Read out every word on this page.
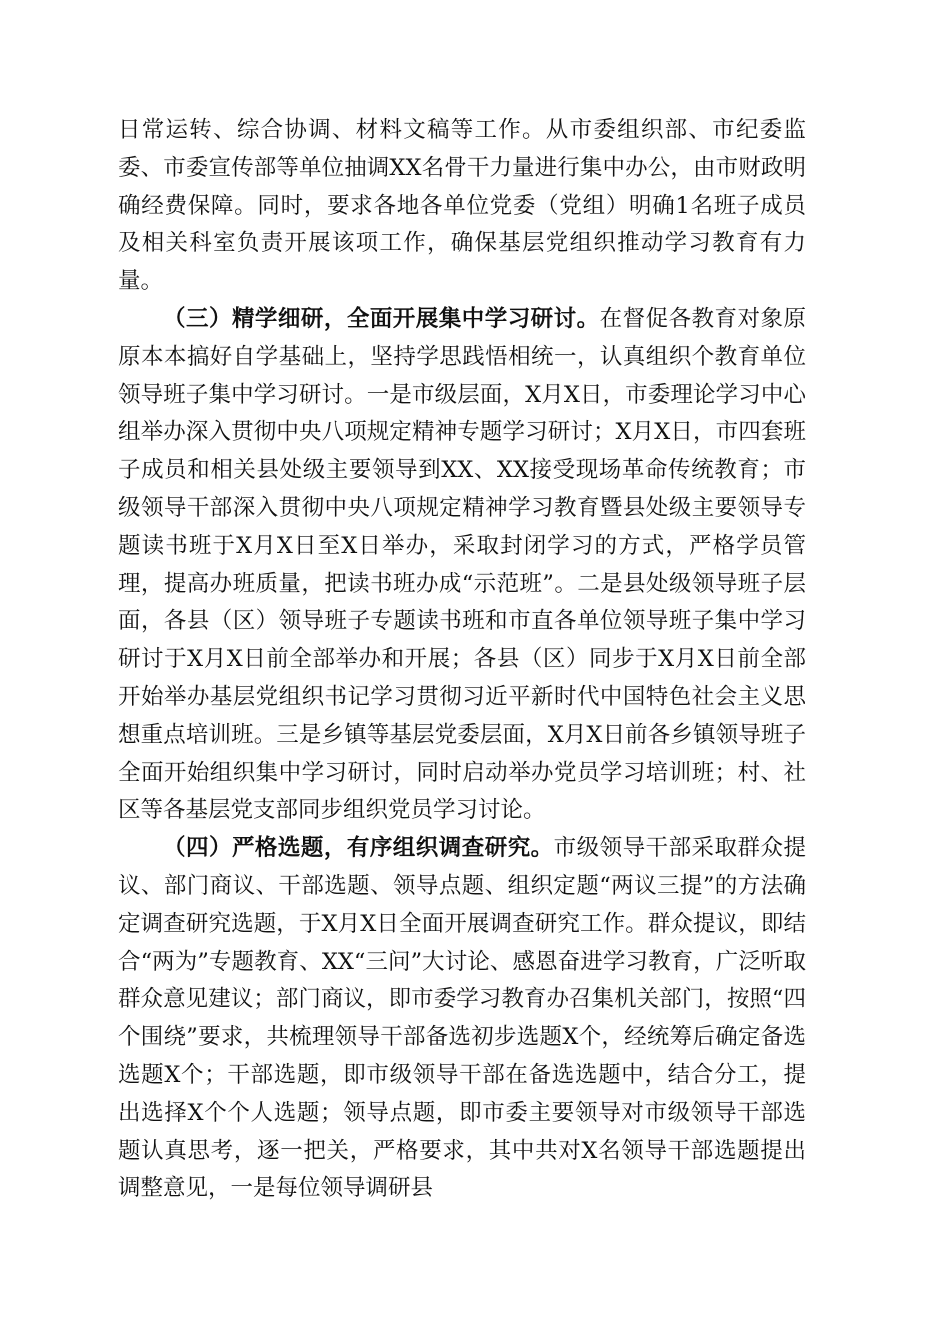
日常运转、综合协调、材料文稿等工作。从市委组织部、市纪委监委、市委宣传部等单位抽调XX名骨干力量进行集中办公，由市财政明确经费保障。同时，要求各地各单位党委（党组）明确1名班子成员及相关科室负责开展该项工作，确保基层党组织推动学习教育有力量。

（三）精学细研，全面开展集中学习研讨。在督促各教育对象原原本本搞好自学基础上，坚持学思践悟相统一，认真组织个教育单位领导班子集中学习研讨。一是市级层面，X月X日，市委理论学习中心组举办深入贯彻中央八项规定精神专题学习研讨；X月X日，市四套班子成员和相关县处级主要领导到XX、XX接受现场革命传统教育；市级领导干部深入贯彻中央八项规定精神学习教育暨县处级主要领导专题读书班于X月X日至X日举办，采取封闭学习的方式，严格学员管理，提高办班质量，把读书班办成“示范班”。二是县处级领导班子层面，各县（区）领导班子专题读书班和市直各单位领导班子集中学习研讨于X月X日前全部举办和开展；各县（区）同步于X月X日前全部开始举办基层党组织书记学习贯彻习近平新时代中国特色社会主义思想重点培训班。三是乡镇等基层党委层面，X月X日前各乡镇领导班子全面开始组织集中学习研讨，同时启动举办党员学习培训班；村、社区等各基层党支部同步组织党员学习讨论。

（四）严格选题，有序组织调查研究。市级领导干部采取群众提议、部门商议、干部选题、领导点题、组织定题“两议三提”的方法确定调查研究选题，于X月X日全面开展调查研究工作。群众提议，即结合“两为”专题教育、XX“三问”大讨论、感恩奋进学习教育，广泛听取群众意见建议；部门商议，即市委学习教育办召集机关部门，按照“四个围绕”要求，共梳理领导干部备选初步选题X个，经统筹后确定备选选题X个；干部选题，即市级领导干部在备选选题中，结合分工，提出选择X个个人选题；领导点题，即市委主要领导对市级领导干部选题认真思考，逐一把关，严格要求，其中共对X名领导干部选题提出调整意见，一是每位领导调研县
